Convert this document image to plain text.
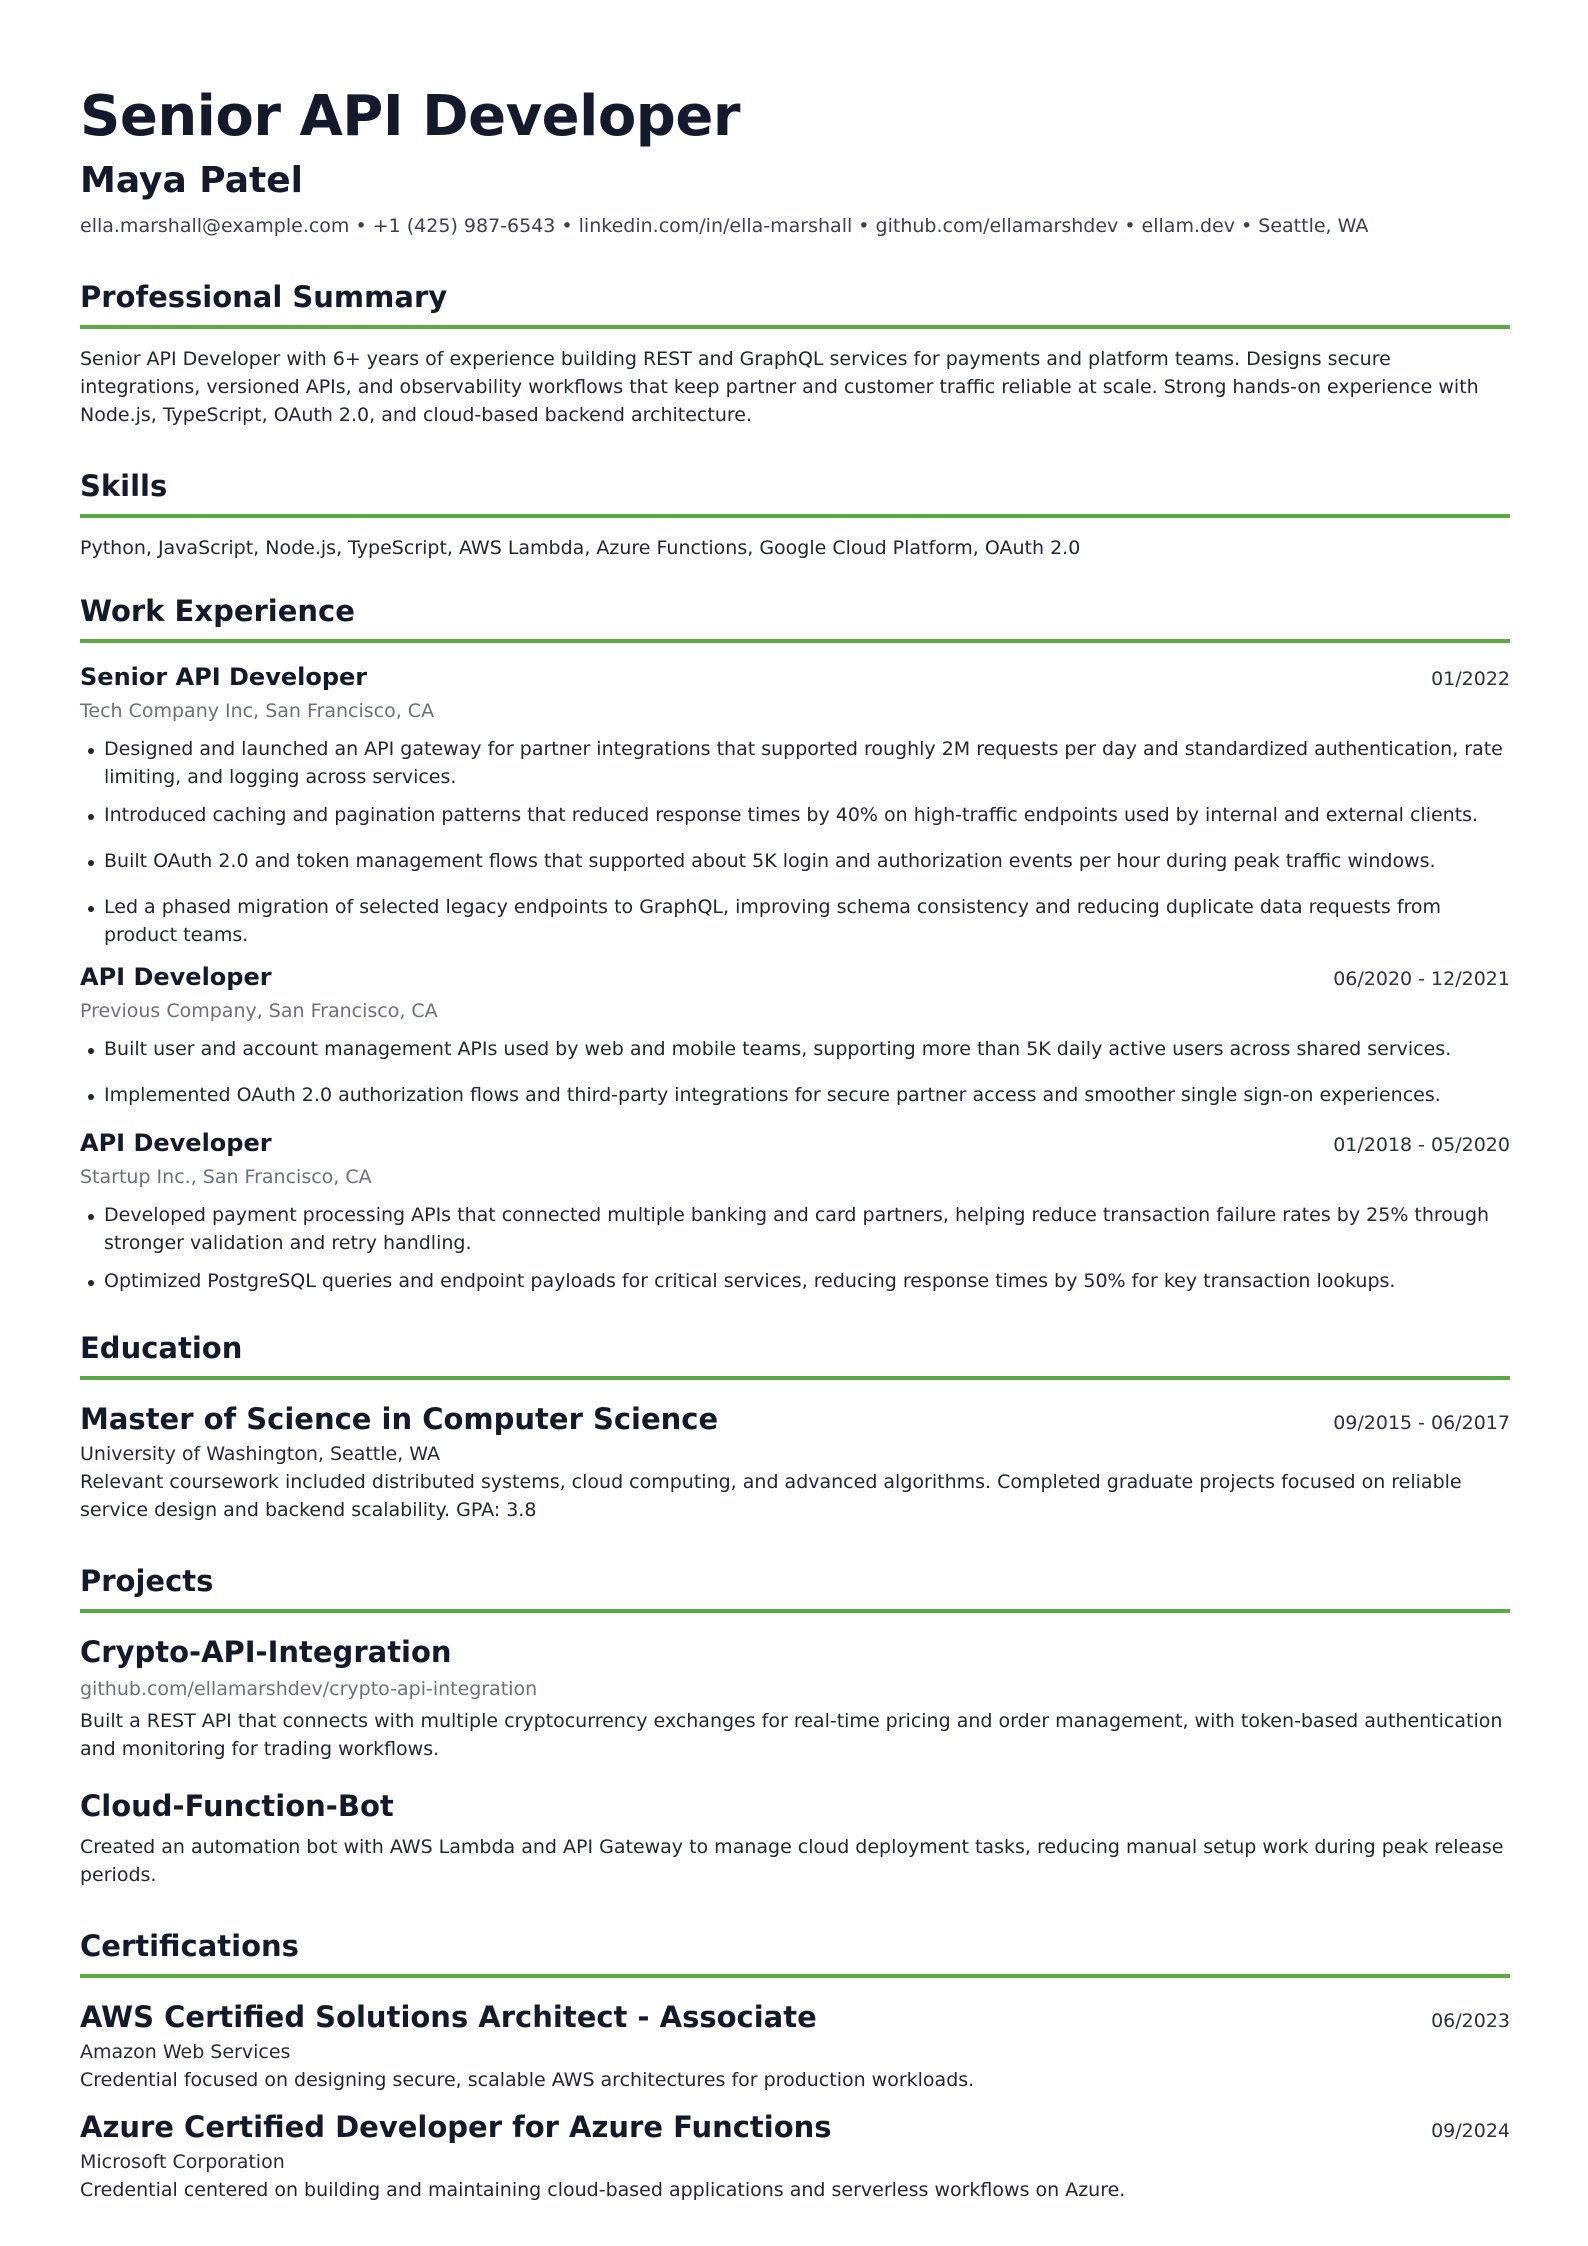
Senior API Developer
Maya Patel
ella.marshall@example.com • +1 (425) 987-6543 • linkedin.com/in/ella-marshall • github.com/ellamarshdev • ellam.dev • Seattle, WA
Professional Summary
Senior API Developer with 6+ years of experience building REST and GraphQL services for payments and platform teams. Designs secure integrations, versioned APIs, and observability workflows that keep partner and customer traffic reliable at scale. Strong hands-on experience with Node.js, TypeScript, OAuth 2.0, and cloud-based backend architecture.
Skills
Python, JavaScript, Node.js, TypeScript, AWS Lambda, Azure Functions, Google Cloud Platform, OAuth 2.0
Work Experience
Senior API Developer	01/2022
Tech Company Inc, San Francisco, CA
Designed and launched an API gateway for partner integrations that supported roughly 2M requests per day and standardized authentication, rate limiting, and logging across services.
Introduced caching and pagination patterns that reduced response times by 40% on high-traffic endpoints used by internal and external clients.
Built OAuth 2.0 and token management flows that supported about 5K login and authorization events per hour during peak traffic windows.
Led a phased migration of selected legacy endpoints to GraphQL, improving schema consistency and reducing duplicate data requests from product teams.
API Developer	06/2020 - 12/2021
Previous Company, San Francisco, CA
Built user and account management APIs used by web and mobile teams, supporting more than 5K daily active users across shared services.
Implemented OAuth 2.0 authorization flows and third-party integrations for secure partner access and smoother single sign-on experiences.
API Developer	01/2018 - 05/2020
Startup Inc., San Francisco, CA
Developed payment processing APIs that connected multiple banking and card partners, helping reduce transaction failure rates by 25% through stronger validation and retry handling.
Optimized PostgreSQL queries and endpoint payloads for critical services, reducing response times by 50% for key transaction lookups.
Education
Master of Science in Computer Science	09/2015 - 06/2017
University of Washington, Seattle, WA
Relevant coursework included distributed systems, cloud computing, and advanced algorithms. Completed graduate projects focused on reliable service design and backend scalability. GPA: 3.8
Projects
Crypto-API-Integration
github.com/ellamarshdev/crypto-api-integration
Built a REST API that connects with multiple cryptocurrency exchanges for real-time pricing and order management, with token-based authentication and monitoring for trading workflows.
Cloud-Function-Bot
Created an automation bot with AWS Lambda and API Gateway to manage cloud deployment tasks, reducing manual setup work during peak release periods.
Certifications
AWS Certified Solutions Architect - Associate	06/2023
Amazon Web Services
Credential focused on designing secure, scalable AWS architectures for production workloads.
Azure Certified Developer for Azure Functions	09/2024
Microsoft Corporation
Credential centered on building and maintaining cloud-based applications and serverless workflows on Azure.
